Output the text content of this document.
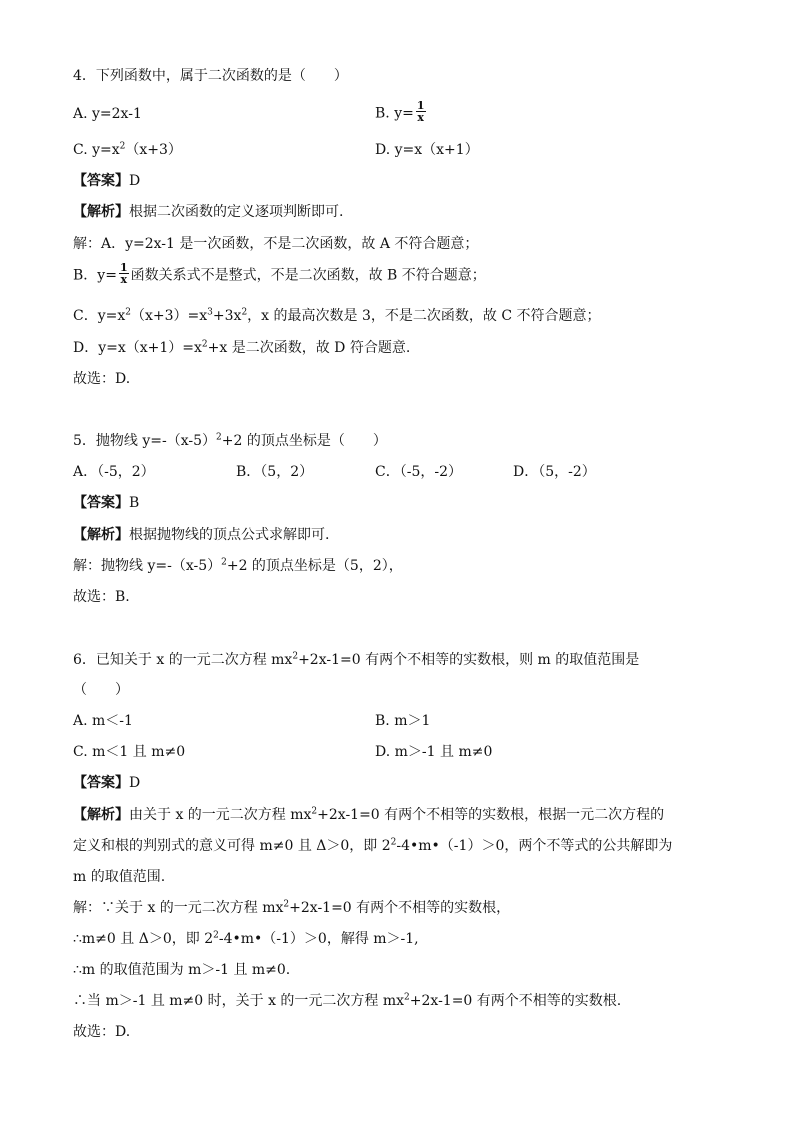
4．下列函数中，属于二次函数的是（　　）
A. y=2x-1	B. $y= \frac{1}{x}$
C. $y=x^2(x+3)$	D. y=x（x+1）
【答案】D
【解析】根据二次函数的定义逐项判断即可.
解：A．y=2x-1 是一次函数，不是二次函数，故 A 不符合题意；
B．$y= \frac{1}{x}$ 函数关系式不是整式，不是二次函数，故 B 不符合题意；
C．$y=x^2(x+3)=x^3+3x^2$，x 的最高次数是 3，不是二次函数，故 C 不符合题意；
D．$y=x(x+1)=x^2+x$ 是二次函数，故 D 符合题意.
故选：D.
5．抛物线 $y=-(x-5)^2+2$ 的顶点坐标是（　　）
A．（-5，2）	B．（5，2）	C．（-5，-2）	D．（5，-2）
【答案】B
【解析】根据抛物线的顶点公式求解即可.
解：抛物线 $y=-(x-5)^2+2$ 的顶点坐标是（5，2），
故选：B.
6．已知关于 x 的一元二次方程 $mx^2+2x-1=0$ 有两个不相等的实数根，则 m 的取值范围是
（　　）
A. m＜-1	B. m＞1
C. m＜1 且 m≠0	D. m＞-1 且 m≠0
【答案】D
【解析】由关于 x 的一元二次方程 $mx^2+2x-1=0$ 有两个不相等的实数根，根据一元二次方程的
定义和根的判别式的意义可得 m≠0 且 Δ＞0，即 $2^2-4•m•(-1)>0$，两个不等式的公共解即为
m 的取值范围.
解：∵关于 x 的一元二次方程 $mx^2+2x-1=0$ 有两个不相等的实数根，
∴m≠0 且 Δ＞0，即 $2^2-4•m•(-1)>0$，解得 m＞-1,
∴m 的取值范围为 m＞-1 且 m≠0.
∴当 m＞-1 且 m≠0 时，关于 x 的一元二次方程 $mx^2+2x-1=0$ 有两个不相等的实数根.
故选：D.
